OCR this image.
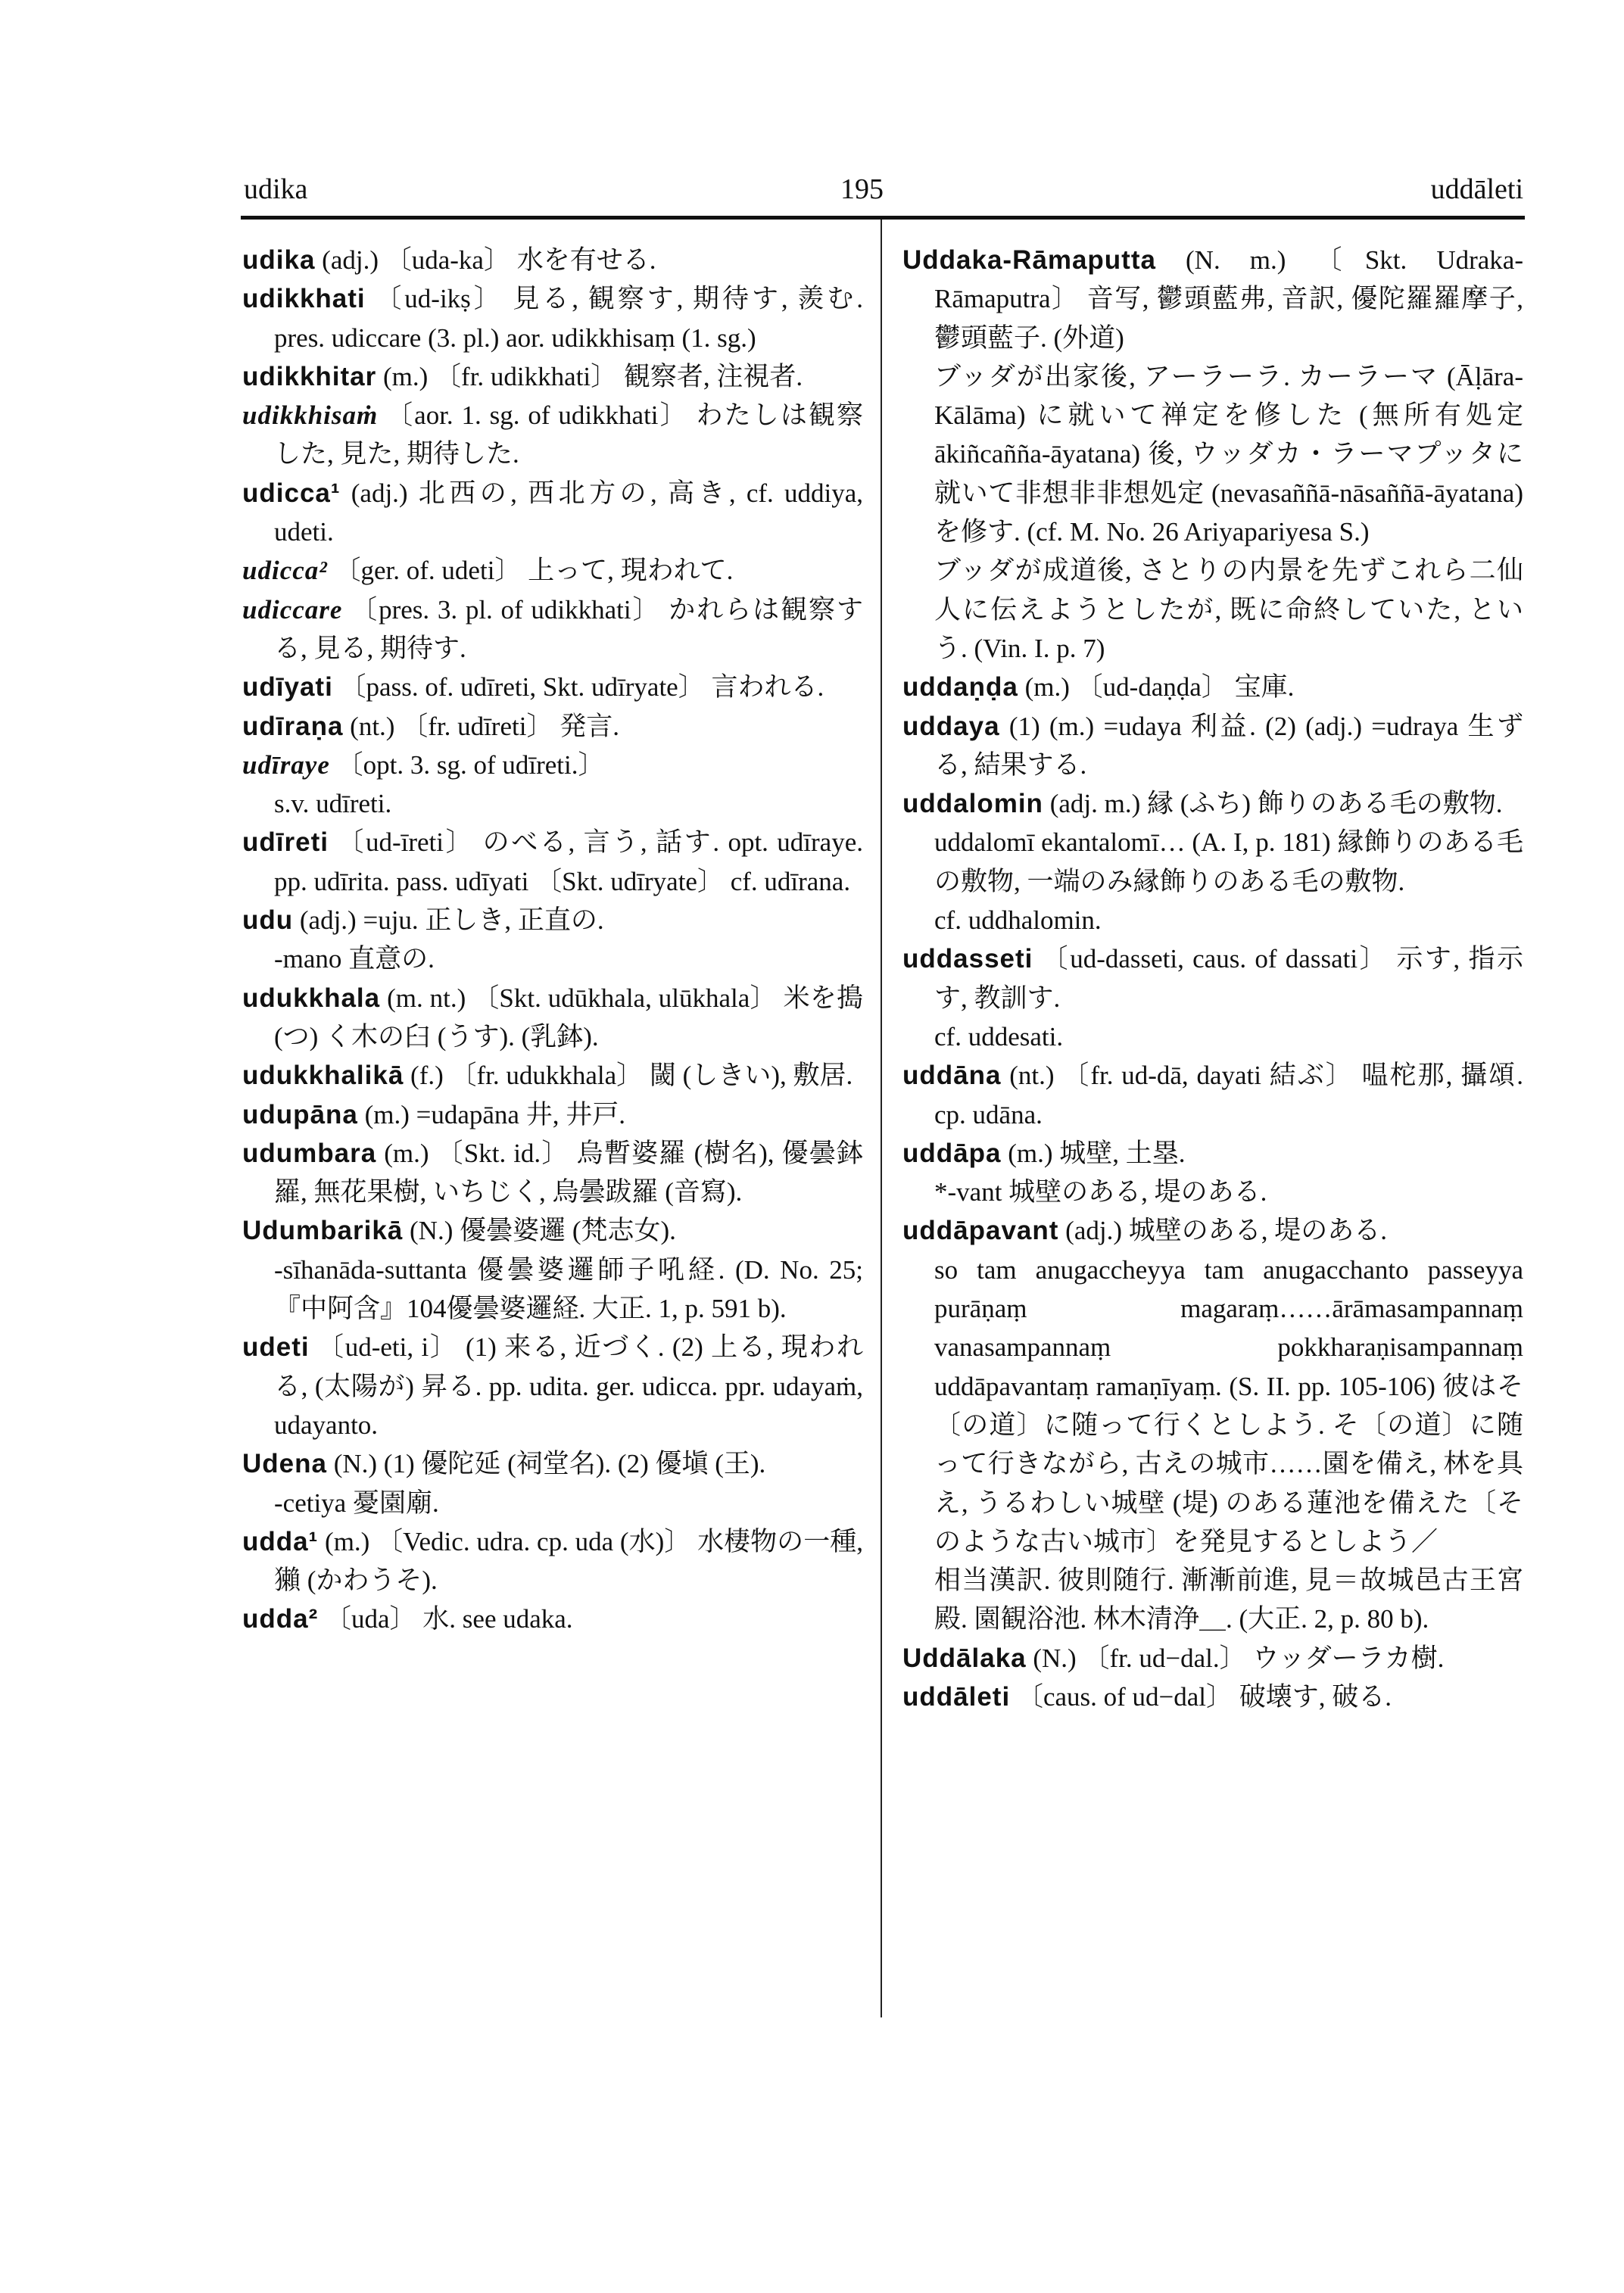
udika	195	uddāleti
udika (adj.) 〔uda-ka〕 水を有せる.
udikkhati 〔ud-ikṣ〕 見る, 観察す, 期待す, 羨む. pres. udiccare (3. pl.) aor. udikkhisaṃ (1. sg.)
udikkhitar (m.) 〔fr. udikkhati〕 観察者, 注視者.
udikkhisaṁ 〔aor. 1. sg. of udikkhati〕 わたしは観察した, 見た, 期待した.
udicca¹ (adj.) 北西の, 西北方の, 高き, cf. uddiya, udeti.
udicca² 〔ger. of. udeti〕 上って, 現われて.
udiccare 〔pres. 3. pl. of udikkhati〕 かれらは観察する, 見る, 期待す.
udīyati 〔pass. of. udīreti, Skt. udīryate〕 言われる.
udīraṇa (nt.) 〔fr. udīreti〕 発言.
udīraye 〔opt. 3. sg. of udīreti.〕
s.v. udīreti.
udīreti 〔ud-īreti〕 のべる, 言う, 話す. opt. udīraye. pp. udīrita. pass. udīyati 〔Skt. udīryate〕 cf. udīrana.
udu (adj.) =uju. 正しき, 正直の.
-mano 直意の.
udukkhala (m. nt.) 〔Skt. udūkhala, ulūkhala〕 米を搗 (つ) く木の臼 (うす). (乳鉢).
udukkhalikā (f.) 〔fr. udukkhala〕 閾 (しきい), 敷居.
udupāna (m.) =udapāna 井, 井戸.
udumbara (m.) 〔Skt. id.〕 烏暫婆羅 (樹名), 優曇鉢羅, 無花果樹, いちじく, 烏曇跋羅 (音寫).
Udumbarikā (N.) 優曇婆邏 (梵志女).
-sīhanāda-suttanta 優曇婆邏師子吼経. (D. No. 25; 『中阿含』104優曇婆邏経. 大正. 1, p. 591 b).
udeti 〔ud-eti, i〕 (1) 来る, 近づく. (2) 上る, 現われる, (太陽が) 昇る. pp. udita. ger. udicca. ppr. udayaṁ, udayanto.
Udena (N.) (1) 優陀延 (祠堂名). (2) 優塡 (王).
-cetiya 憂園廟.
udda¹ (m.) 〔Vedic. udra. cp. uda (水)〕 水棲物の一種, 獺 (かわうそ).
udda² 〔uda〕 水. see udaka.
Uddaka-Rāmaputta (N. m.) 〔Skt. Udraka-Rāmaputra〕 音写, 鬱頭藍弗, 音訳, 優陀羅羅摩子, 鬱頭藍子. (外道)
ブッダが出家後, アーラーラ. カーラーマ (Āḷāra-Kālāma) に就いて禅定を修した (無所有処定 ākiñcañña-āyatana) 後, ウッダカ・ラーマプッタに就いて非想非非想処定 (nevasaññā-nāsaññā-āyatana) を修す. (cf. M. No. 26 Ariyapariyesa S.)
ブッダが成道後, さとりの内景を先ずこれら二仙人に伝えようとしたが, 既に命終していた, という. (Vin. I. p. 7)
uddaṇḍa (m.) 〔ud-daṇḍa〕 宝庫.
uddaya (1) (m.) =udaya 利益. (2) (adj.) =udraya 生ずる, 結果する.
uddalomin (adj. m.) 縁 (ふち) 飾りのある毛の敷物.
uddalomī ekantalomī… (A. I, p. 181) 縁飾りのある毛の敷物, 一端のみ縁飾りのある毛の敷物.
cf. uddhalomin.
uddasseti 〔ud-dasseti, caus. of dassati〕 示す, 指示す, 教訓す.
cf. uddesati.
uddāna (nt.) 〔fr. ud-dā, dayati 結ぶ〕 嗢柁那, 攝頌. cp. udāna.
uddāpa (m.) 城壁, 土塁.
*-vant 城壁のある, 堤のある.
uddāpavant (adj.) 城壁のある, 堤のある.
so tam anugaccheyya tam anugacchanto passeyya purāṇaṃ magaraṃ……ārāmasampannaṃ vanasampannaṃ pokkharaṇisampannaṃ uddāpavantaṃ ramaṇīyaṃ. (S. II. pp. 105-106) 彼はそ〔の道〕に随って行くとしよう. そ〔の道〕に随って行きながら, 古えの城市……園を備え, 林を具え, うるわしい城壁 (堤) のある蓮池を備えた〔そのような古い城市〕を発見するとしよう／
相当漢訳. 彼則随行. 漸漸前進, 見＝故城邑古王宮殿. 園観浴池. 林木清浄＿. (大正. 2, p. 80 b).
Uddālaka (N.) 〔fr. ud−dal.〕 ウッダーラカ樹.
uddāleti 〔caus. of ud−dal〕 破壊す, 破る.
